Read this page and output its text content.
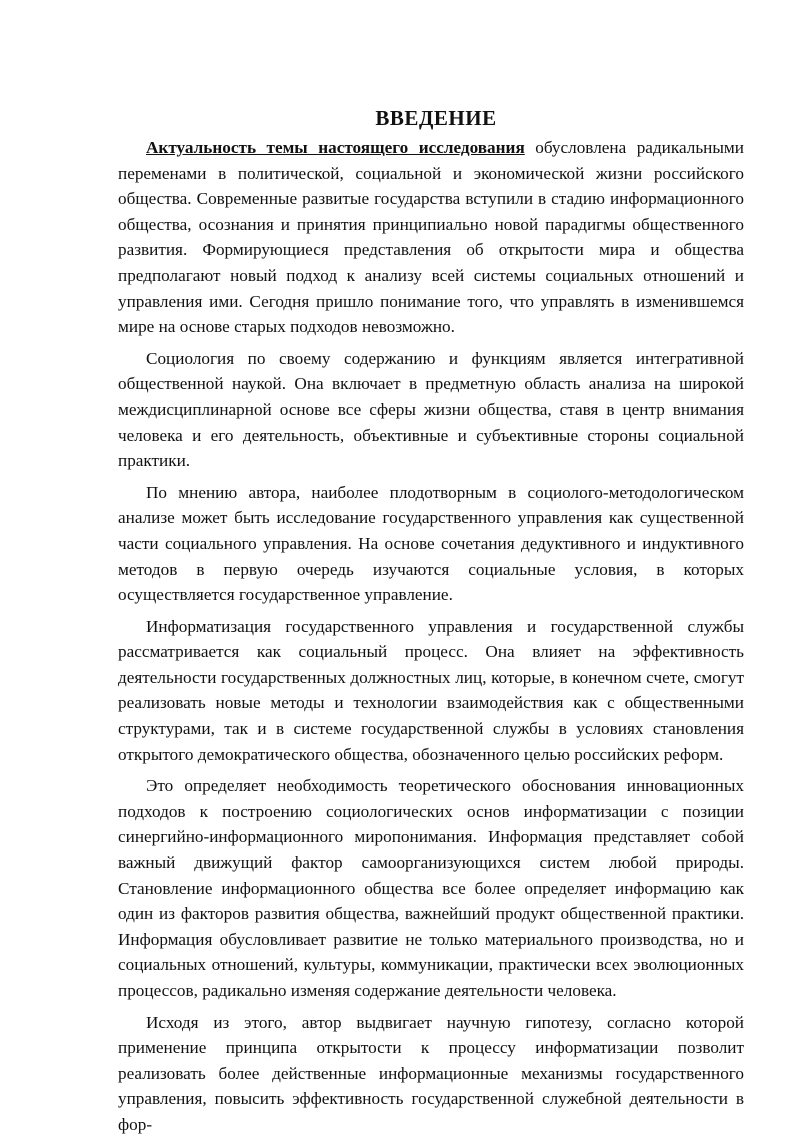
ВВЕДЕНИЕ

Актуальность темы настоящего исследования обусловлена радикальными переменами в политической, социальной и экономической жизни российского общества. Современные развитые государства вступили в стадию информационного общества, осознания и принятия принципиально новой парадигмы общественного развития. Формирующиеся представления об открытости мира и общества предполагают новый подход к анализу всей системы социальных отношений и управления ими. Сегодня пришло понимание того, что управлять в изменившемся мире на основе старых подходов невозможно.

Социология по своему содержанию и функциям является интегративной общественной наукой. Она включает в предметную область анализа на широкой междисциплинарной основе все сферы жизни общества, ставя в центр внимания человека и его деятельность, объективные и субъективные стороны социальной практики.

По мнению автора, наиболее плодотворным в социолого-методологическом анализе может быть исследование государственного управления как существенной части социального управления. На основе сочетания дедуктивного и индуктивного методов в первую очередь изучаются социальные условия, в которых осуществляется государственное управление.

Информатизация государственного управления и государственной службы рассматривается как социальный процесс. Она влияет на эффективность деятельности государственных должностных лиц, которые, в конечном счете, смогут реализовать новые методы и технологии взаимодействия как с общественными структурами, так и в системе государственной службы в условиях становления открытого демократического общества, обозначенного целью российских реформ.

Это определяет необходимость теоретического обоснования инновационных подходов к построению социологических основ информатизации с позиции синергийно-информационного миропонимания. Информация представляет собой важный движущий фактор самоорганизующихся систем любой природы. Становление информационного общества все более определяет информацию как один из факторов развития общества, важнейший продукт общественной практики. Информация обусловливает развитие не только материального производства, но и социальных отношений, культуры, коммуникации, практически всех эволюционных процессов, радикально изменяя содержание деятельности человека.

Исходя из этого, автор выдвигает научную гипотезу, согласно которой применение принципа открытости к процессу информатизации позволит реализовать более действенные информационные механизмы государственного управления, повысить эффективность государственной служебной деятельности в фор-
